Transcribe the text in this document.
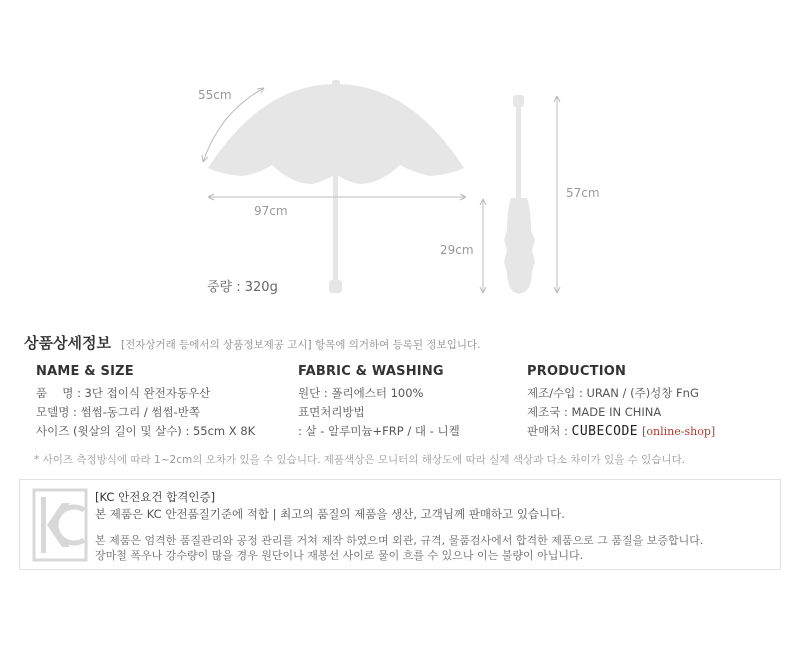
55cm
97cm
57cm
29cm
중량 : 320g
상품상세정보 [전자상거래 등에서의 상품정보제공 고시] 항목에 의거하여 등록된 정보입니다.
NAME & SIZE
품 　명 : 3단 접이식 완전자동우산
모델명 : 썸썸-동그리 / 썸썸-반쪽
사이즈 (윗살의 길이 및 살수) : 55cm X 8K
FABRIC & WASHING
원단 : 폴리에스터 100%
표면처리방법
: 살 - 알루미늄+FRP / 대 - 니켈
PRODUCTION
제조/수입 : URAN / (주)성창 FnG
제조국 : MADE IN CHINA
판매처 : CUBECODE [online-shop]
* 사이즈 측정방식에 따라 1~2cm의 오차가 있을 수 있습니다. 제품색상은 모니터의 해상도에 따라 실제 색상과 다소 차이가 있을 수 있습니다.
[KC 안전요건 합격인증]
본 제품은 KC 안전품질기준에 적합 | 최고의 품질의 제품을 생산, 고객님께 판매하고 있습니다.
본 제품은 엄격한 품질관리와 공정 관리를 거쳐 제작 하였으며 외관, 규격, 물품검사에서 합격한 제품으로 그 품질을 보증합니다.
장마철 폭우나 강수량이 많을 경우 원단이나 재봉선 사이로 물이 흐를 수 있으나 이는 불량이 아닙니다.
